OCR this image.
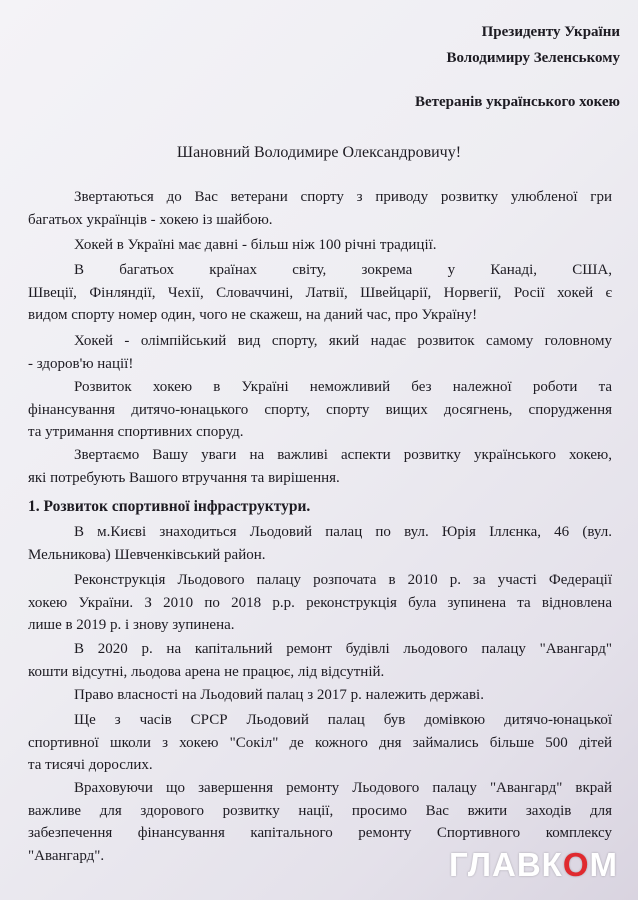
Президенту України
Володимиру Зеленському
Ветеранів українського хокею
Шановний Володимире Олександровичу!
Звертаються до Вас ветерани спорту з приводу розвитку улюбленої гри
багатьох українців - хокею із шайбою.
Хокей в Україні має давні - більш ніж 100 річні традиції.
В багатьох країнах світу, зокрема у Канаді, США,
Швеції, Фінляндії, Чехії, Словаччині, Латвії, Швейцарії, Норвегії, Росії хокей є
видом спорту номер один, чого не скажеш, на даний час, про Україну!
Хокей - олімпійський вид спорту, який надає розвиток самому головному
- здоров'ю нації!
Розвиток хокею в Україні неможливий без належної роботи та
фінансування дитячо-юнацького спорту, спорту вищих досягнень, спорудження
та утримання спортивних споруд.
Звертаємо Вашу уваги на важливі аспекти розвитку українського хокею,
які потребують Вашого втручання та вирішення.
1. Розвиток спортивної інфраструктури.
В м.Києві знаходиться Льодовий палац по вул. Юрія Іллєнка, 46 (вул.
Мельникова) Шевченківський район.
Реконструкція Льодового палацу розпочата в 2010 р. за участі Федерації
хокею України. З 2010 по 2018 р.р. реконструкція була зупинена та відновлена
лише в 2019 р. і знову зупинена.
В 2020 р. на капітальний ремонт будівлі льодового палацу "Авангард"
кошти відсутні, льодова арена не працює, лід відсутній.
Право власності на Льодовий палац з 2017 р. належить державі.
Ще з часів СРСР Льодовий палац був домівкою дитячо-юнацької
спортивної школи з хокею "Сокіл" де кожного дня займались більше 500 дітей
та тисячі дорослих.
Враховуючи що завершення ремонту Льодового палацу "Авангард" вкрай
важливе для здорового розвитку нації, просимо Вас вжити заходів для
забезпечення фінансування капітального ремонту Спортивного комплексу
"Авангард".	ГЛАВКОМ
